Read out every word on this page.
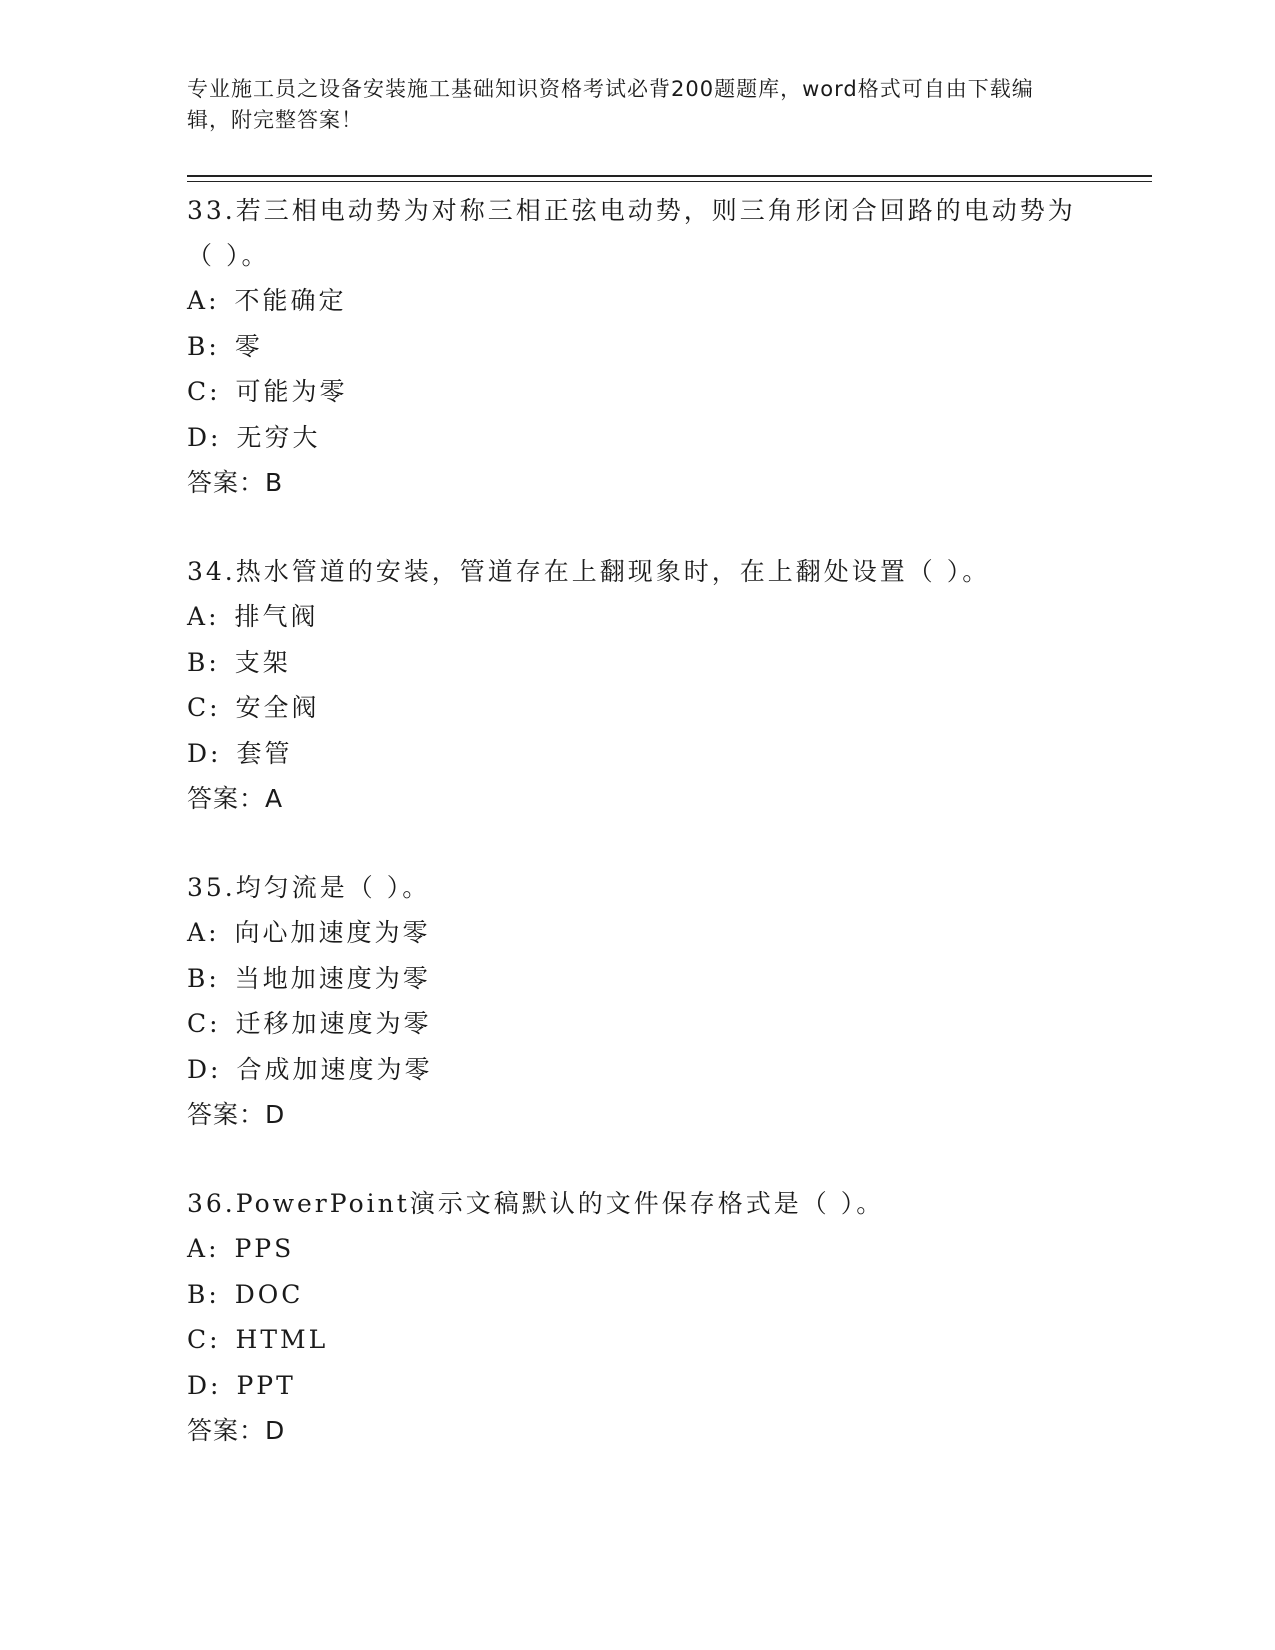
专业施工员之设备安装施工基础知识资格考试必背200题题库，word格式可自由下载编辑，附完整答案！
33.若三相电动势为对称三相正弦电动势，则三角形闭合回路的电动势为（ ）。
A: 不能确定
B: 零
C: 可能为零
D: 无穷大
答案：B
34.热水管道的安装，管道存在上翻现象时，在上翻处设置（ ）。
A: 排气阀
B: 支架
C: 安全阀
D: 套管
答案：A
35.均匀流是（ ）。
A: 向心加速度为零
B: 当地加速度为零
C: 迁移加速度为零
D: 合成加速度为零
答案：D
36.PowerPoint演示文稿默认的文件保存格式是（ ）。
A: PPS
B: DOC
C: HTML
D: PPT
答案：D
